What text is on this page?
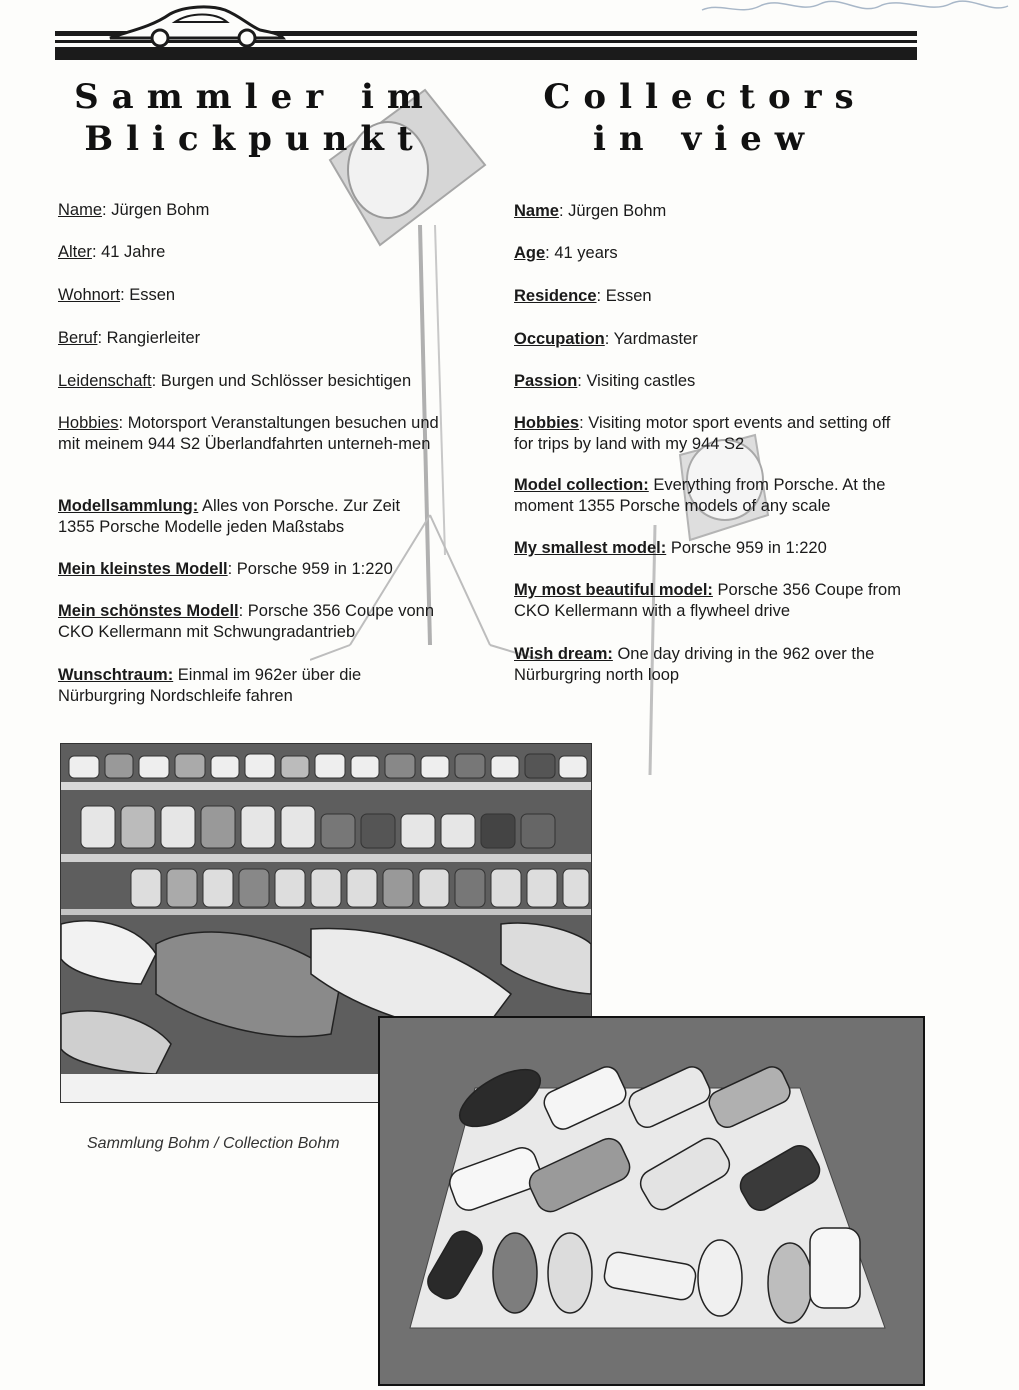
Sammler im
Blickpunkt
Collectors
in view
Name: Jürgen Bohm
Alter: 41 Jahre
Wohnort: Essen
Beruf: Rangierleiter
Leidenschaft: Burgen und Schlösser besichtigen
Hobbies: Motorsport Veranstaltungen besuchen und mit meinem 944 S2 Überlandfahrten unterneh-men
Modellsammlung: Alles von Porsche. Zur Zeit 1355 Porsche Modelle jeden Maßstabs
Mein kleinstes Modell: Porsche 959 in 1:220
Mein schönstes Modell: Porsche 356 Coupe vonn CKO Kellermann mit Schwungradantrieb
Wunschtraum: Einmal im 962er über die Nürburgring Nordschleife fahren
Name: Jürgen Bohm
Age: 41 years
Residence: Essen
Occupation: Yardmaster
Passion: Visiting castles
Hobbies: Visiting motor sport events and setting off for trips by land with my 944 S2
Model collection: Everything from Porsche. At the moment 1355 Porsche models of any scale
My smallest model: Porsche 959 in 1:220
My most beautiful model: Porsche 356 Coupe from CKO Kellermann with a flywheel drive
Wish dream: One day driving in the 962 over the Nürburgring north loop
Sammlung Bohm / Collection Bohm
